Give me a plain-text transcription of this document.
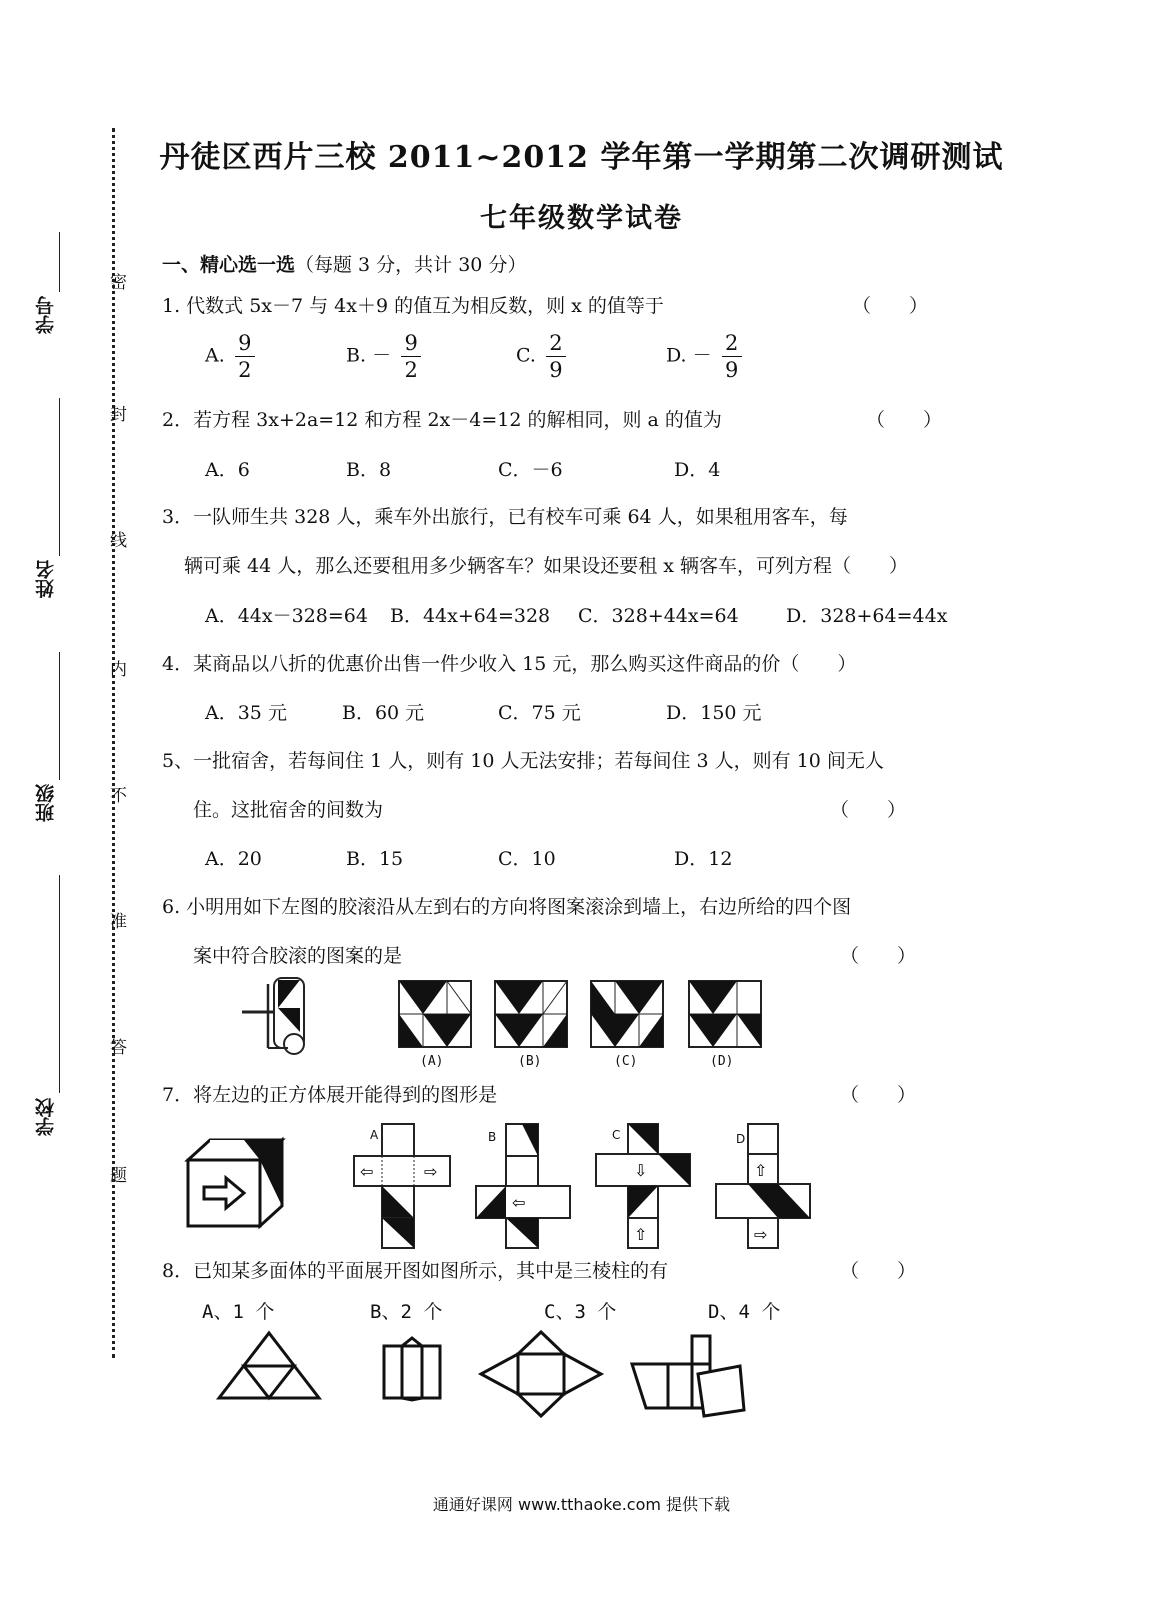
密
封
线
内
不
准
答
题
学号
姓名
班级
学校
丹徒区西片三校 2011~2012 学年第一学期第二次调研测试
七年级数学试卷
一、精心选一选（每题 3 分，共计 30 分）
1. 代数式 5x－7 与 4x＋9 的值互为相反数，则 x 的值等于	（　　）
A. $\frac{9}{2}$	B. － $\frac{9}{2}$	C. $\frac{2}{9}$	D. － $\frac{2}{9}$
2．若方程 3x+2a=12 和方程 2x－4=12 的解相同，则 a 的值为	（　　）
A．6	B．8	C．－6	D．4
3．一队师生共 328 人，乘车外出旅行，已有校车可乘 64 人，如果租用客车，每
辆可乘 44 人，那么还要租用多少辆客车？如果设还要租 x 辆客车，可列方程（　　）
A．44x－328=64 B．44x+64=328 C．328+44x=64 D．328+64=44x
4．某商品以八折的优惠价出售一件少收入 15 元，那么购买这件商品的价（　　）
A．35 元	B．60 元	C．75 元	D．150 元
5、一批宿舍，若每间住 1 人，则有 10 人无法安排；若每间住 3 人，则有 10 间无人
住。这批宿舍的间数为	（　　）
A．20	B．15	C．10	D．12
6. 小明用如下左图的胶滚沿从左到右的方向将图案滚涂到墙上，右边所给的四个图
案中符合胶滚的图案的是	（　　）
(A)	(B)	(C)	(D)
7．将左边的正方体展开能得到的图形是	（　　）
A
⇦	⇨
B
⇦
C
⇩
⇧
D
⇧
⇨
8．已知某多面体的平面展开图如图所示，其中是三棱柱的有	（　　）
A、1 个	B、2 个	C、3 个	D、4 个
通通好课网 www.tthaoke.com 提供下载
